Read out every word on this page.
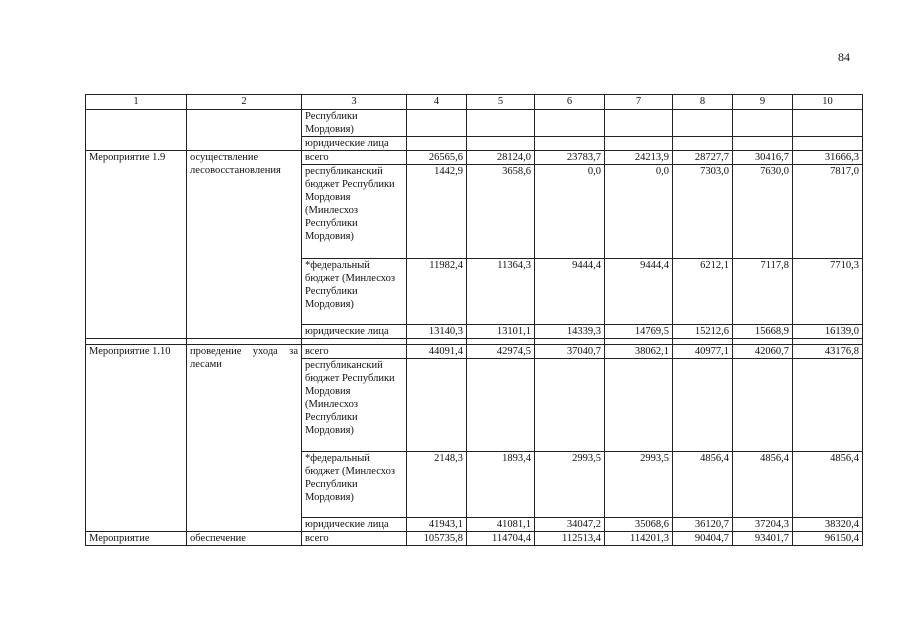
84
1	2	3	4	5	6	7	8	9	10
		Республики Мордовия)							
		юридические лица							
Мероприятие 1.9	осуществление лесовосстановления	всего	26565,6	28124,0	23783,7	24213,9	28727,7	30416,7	31666,3
		республиканский бюджет Республики Мордовия (Минлесхоз Республики Мордовия)	1442,9	3658,6	0,0	0,0	7303,0	7630,0	7817,0
		*федеральный бюджет (Минлесхоз Республики Мордовия)	11982,4	11364,3	9444,4	9444,4	6212,1	7117,8	7710,3
		юридические лица	13140,3	13101,1	14339,3	14769,5	15212,6	15668,9	16139,0

Мероприятие 1.10	проведение ухода за лесами	всего	44091,4	42974,5	37040,7	38062,1	40977,1	42060,7	43176,8
		республиканский бюджет Республики Мордовия (Минлесхоз Республики Мордовия)							
		*федеральный бюджет (Минлесхоз Республики Мордовия)	2148,3	1893,4	2993,5	2993,5	4856,4	4856,4	4856,4
		юридические лица	41943,1	41081,1	34047,2	35068,6	36120,7	37204,3	38320,4
Мероприятие	обеспечение	всего	105735,8	114704,4	112513,4	114201,3	90404,7	93401,7	96150,4
